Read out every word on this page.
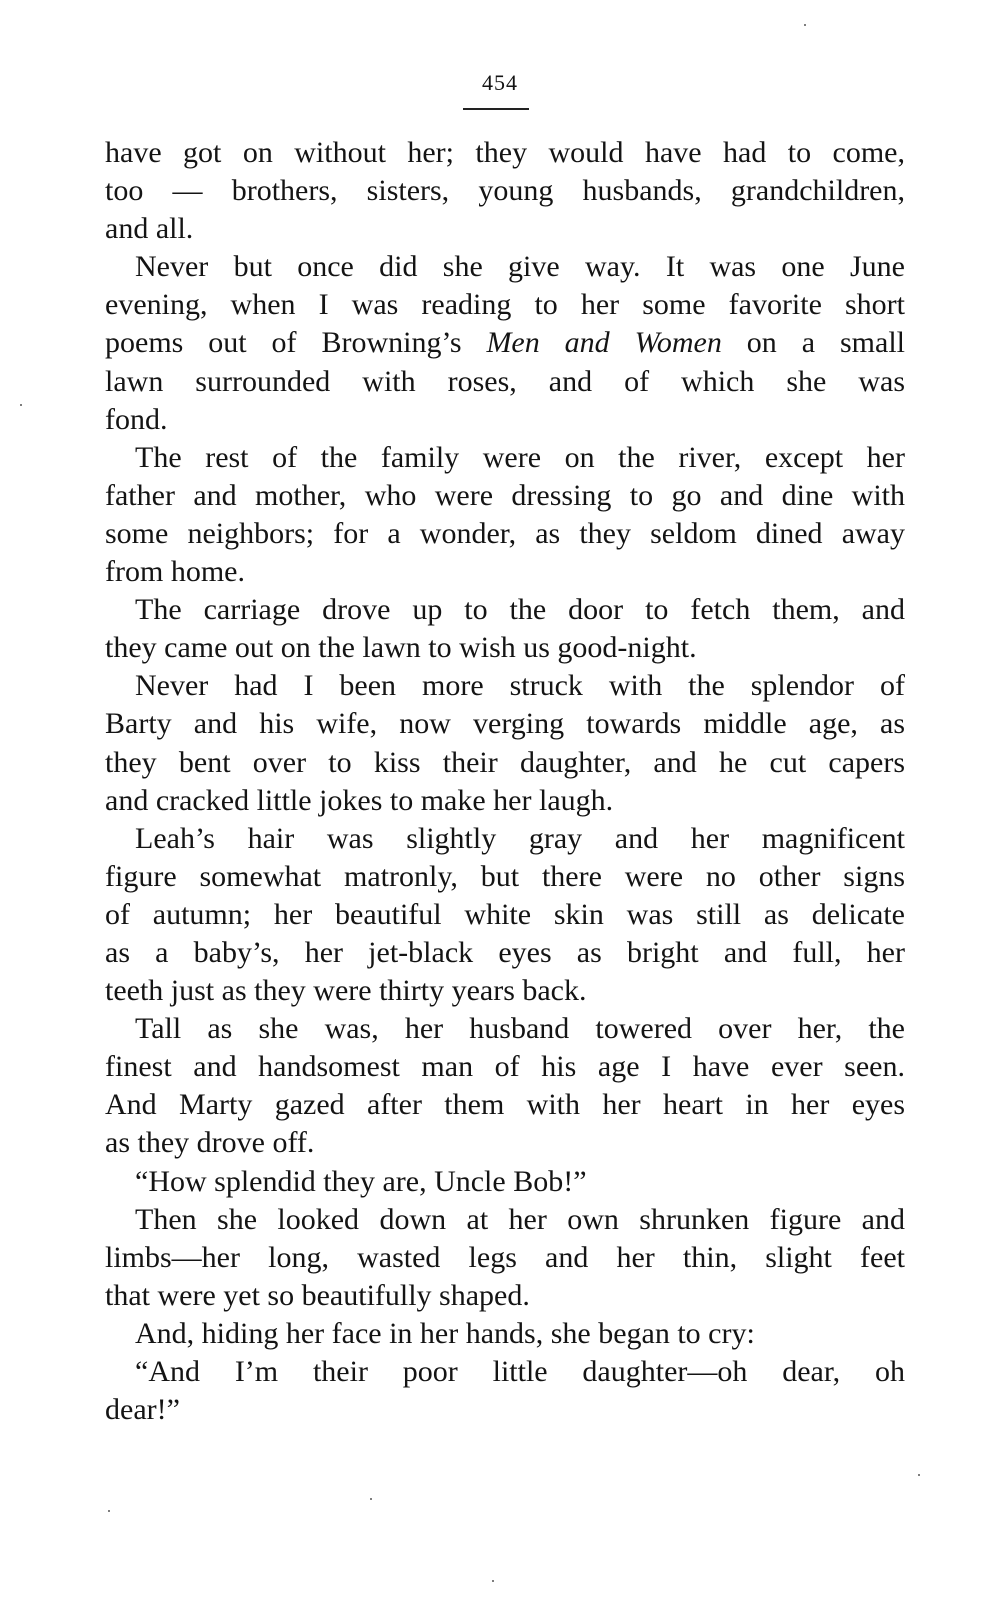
454
have got on without her; they would have had to come,
too — brothers, sisters, young husbands, grandchildren,
and all.
Never but once did she give way. It was one June
evening, when I was reading to her some favorite short
poems out of Browning’s Men and Women on a small
lawn surrounded with roses, and of which she was
fond.
The rest of the family were on the river, except her
father and mother, who were dressing to go and dine with
some neighbors; for a wonder, as they seldom dined away
from home.
The carriage drove up to the door to fetch them, and
they came out on the lawn to wish us good-night.
Never had I been more struck with the splendor of
Barty and his wife, now verging towards middle age, as
they bent over to kiss their daughter, and he cut capers
and cracked little jokes to make her laugh.
Leah’s hair was slightly gray and her magnificent
figure somewhat matronly, but there were no other signs
of autumn; her beautiful white skin was still as delicate
as a baby’s, her jet-black eyes as bright and full, her
teeth just as they were thirty years back.
Tall as she was, her husband towered over her, the
finest and handsomest man of his age I have ever seen.
And Marty gazed after them with her heart in her eyes
as they drove off.
“How splendid they are, Uncle Bob!”
Then she looked down at her own shrunken figure and
limbs—her long, wasted legs and her thin, slight feet
that were yet so beautifully shaped.
And, hiding her face in her hands, she began to cry:
“And I’m their poor little daughter—oh dear, oh
dear!”
